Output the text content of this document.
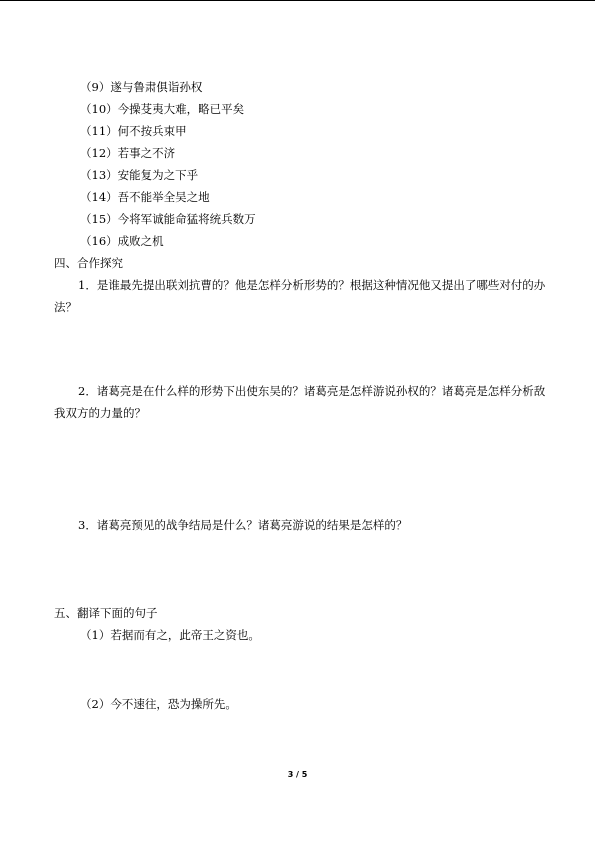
（9）遂与鲁肃俱诣孙权
（10）今操芟夷大难，略已平矣
（11）何不按兵束甲
（12）若事之不济
（13）安能复为之下乎
（14）吾不能举全吴之地
（15）今将军诚能命猛将统兵数万
（16）成败之机
四、合作探究
1．是谁最先提出联刘抗曹的？他是怎样分析形势的？根据这种情况他又提出了哪些对付的办法？
2．诸葛亮是在什么样的形势下出使东吴的？诸葛亮是怎样游说孙权的？诸葛亮是怎样分析敌我双方的力量的？
3．诸葛亮预见的战争结局是什么？诸葛亮游说的结果是怎样的？
五、翻译下面的句子
（1）若据而有之，此帝王之资也。
（2）今不速往，恐为操所先。
3 / 5
